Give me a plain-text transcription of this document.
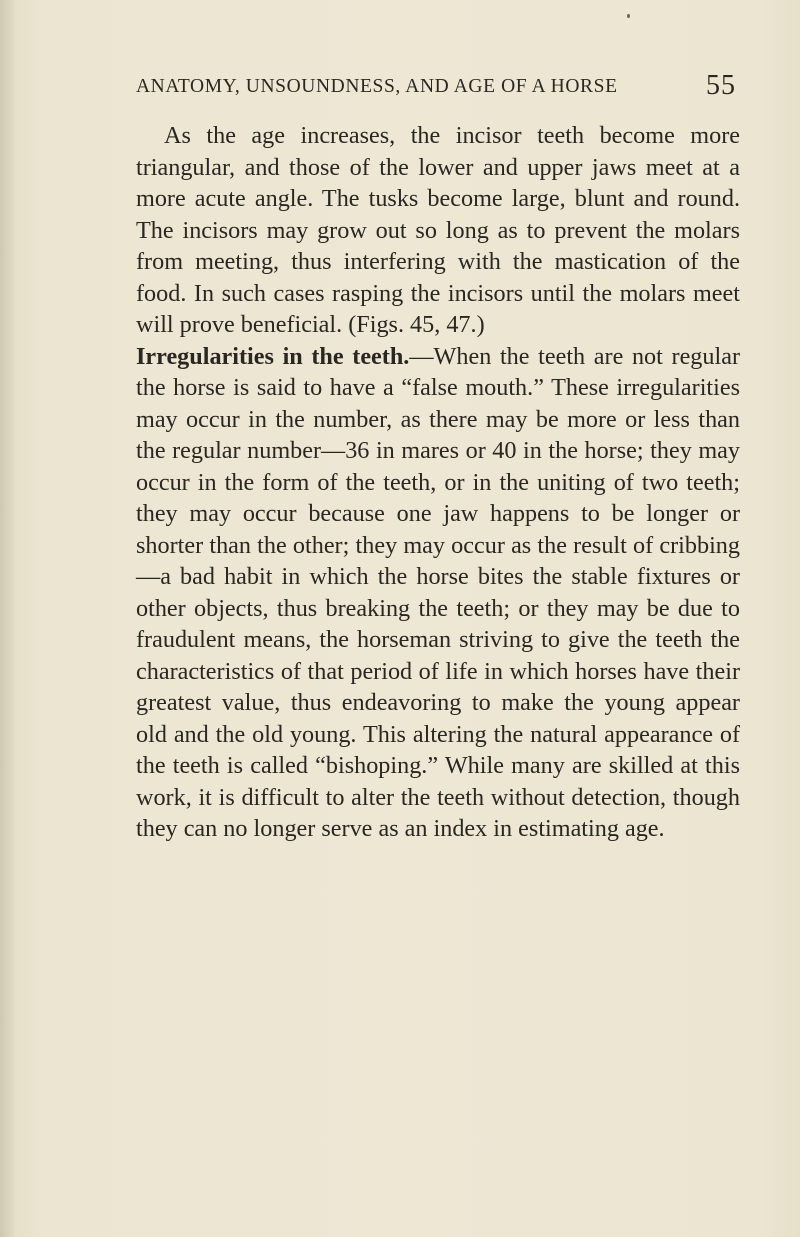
ANATOMY, UNSOUNDNESS, AND AGE OF A HORSE	55

As the age increases, the incisor teeth become more triangular, and those of the lower and upper jaws meet at a more acute angle. The tusks become large, blunt and round. The incisors may grow out so long as to prevent the molars from meeting, thus interfering with the mastication of the food. In such cases rasping the incisors until the molars meet will prove beneficial. (Figs. 45, 47.)

Irregularities in the teeth.—When the teeth are not regular the horse is said to have a “false mouth.” These irregularities may occur in the number, as there may be more or less than the regular number—36 in mares or 40 in the horse; they may occur in the form of the teeth, or in the uniting of two teeth; they may occur because one jaw happens to be longer or shorter than the other; they may occur as the result of cribbing—a bad habit in which the horse bites the stable fixtures or other objects, thus breaking the teeth; or they may be due to fraudulent means, the horseman striving to give the teeth the characteristics of that period of life in which horses have their greatest value, thus endeavoring to make the young appear old and the old young. This altering the natural appearance of the teeth is called “bishoping.” While many are skilled at this work, it is difficult to alter the teeth without detection, though they can no longer serve as an index in estimating age.
